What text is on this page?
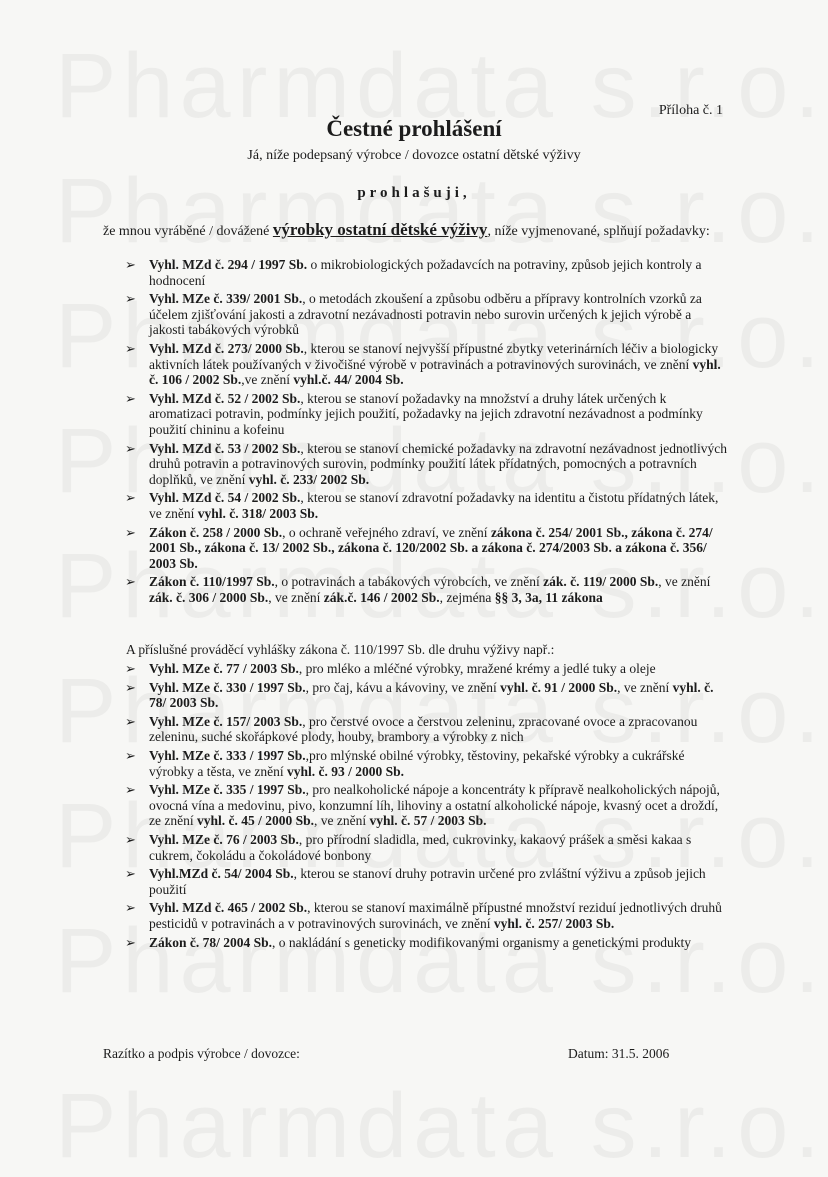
Příloha č. 1
Čestné prohlášení
Já, níže podepsaný výrobce / dovozce ostatní dětské výživy
prohlašuji,
že mnou vyráběné / dovážené výrobky ostatní dětské výživy, níže vyjmenované, splňují požadavky:
➢ Vyhl. MZd č. 294 / 1997 Sb. o mikrobiologických požadavcích na potraviny, způsob jejich kontroly a hodnocení
➢ Vyhl. MZe č. 339/ 2001 Sb., o metodách zkoušení a způsobu odběru a přípravy kontrolních vzorků za účelem zjišťování jakosti a zdravotní nezávadnosti potravin nebo surovin určených k jejich výrobě a jakosti tabákových výrobků
➢ Vyhl. MZd č. 273/ 2000 Sb., kterou se stanoví nejvyšší přípustné zbytky veterinárních léčiv a biologicky aktivních látek používaných v živočišné výrobě v potravinách a potravinových surovinách, ve znění vyhl. č. 106 / 2002 Sb.,ve znění vyhl.č. 44/ 2004 Sb.
➢ Vyhl. MZd č. 52 / 2002 Sb., kterou se stanoví požadavky na množství a druhy látek určených k aromatizaci potravin, podmínky jejich použití, požadavky na jejich zdravotní nezávadnost a podmínky použití chininu a kofeinu
➢ Vyhl. MZd č. 53 / 2002 Sb., kterou se stanoví chemické požadavky na zdravotní nezávadnost jednotlivých druhů potravin a potravinových surovin, podmínky použití látek přídatných, pomocných a potravních doplňků, ve znění vyhl. č. 233/ 2002 Sb.
➢ Vyhl. MZd č. 54 / 2002 Sb., kterou se stanoví zdravotní požadavky na identitu a čistotu přídatných látek, ve znění vyhl. č. 318/ 2003 Sb.
➢ Zákon č. 258 / 2000 Sb., o ochraně veřejného zdraví, ve znění zákona č. 254/ 2001 Sb., zákona č. 274/ 2001 Sb., zákona č. 13/ 2002 Sb., zákona č. 120/2002 Sb. a zákona č. 274/2003 Sb. a zákona č. 356/ 2003 Sb.
➢ Zákon č. 110/1997 Sb., o potravinách a tabákových výrobcích, ve znění zák. č. 119/ 2000 Sb., ve znění zák. č. 306 / 2000 Sb., ve znění zák.č. 146 / 2002 Sb., zejména §§ 3, 3a, 11 zákona
A příslušné prováděcí vyhlášky zákona č. 110/1997 Sb. dle druhu výživy např.:
➢ Vyhl. MZe č. 77 / 2003 Sb., pro mléko a mléčné výrobky, mražené krémy a jedlé tuky a oleje
➢ Vyhl. MZe č. 330 / 1997 Sb., pro čaj, kávu a kávoviny, ve znění vyhl. č. 91 / 2000 Sb., ve znění vyhl. č. 78/ 2003 Sb.
➢ Vyhl. MZe č. 157/ 2003 Sb., pro čerstvé ovoce a čerstvou zeleninu, zpracované ovoce a zpracovanou zeleninu, suché skořápkové plody, houby, brambory a výrobky z nich
➢ Vyhl. MZe č. 333 / 1997 Sb.,pro mlýnské obilné výrobky, těstoviny, pekařské výrobky a cukrářské výrobky a těsta, ve znění vyhl. č. 93 / 2000 Sb.
➢ Vyhl. MZe č. 335 / 1997 Sb., pro nealkoholické nápoje a koncentráty k přípravě nealkoholických nápojů, ovocná vína a medovinu, pivo, konzumní líh, lihoviny a ostatní alkoholické nápoje, kvasný ocet a droždí, ze znění vyhl. č. 45 / 2000 Sb., ve znění vyhl. č. 57 / 2003 Sb.
➢ Vyhl. MZe č. 76 / 2003 Sb., pro přírodní sladidla, med, cukrovinky, kakaový prášek a směsi kakaa s cukrem, čokoládu a čokoládové bonbony
➢ Vyhl.MZd č. 54/ 2004 Sb., kterou se stanoví druhy potravin určené pro zvláštní výživu a způsob jejich použití
➢ Vyhl. MZd č. 465 / 2002 Sb., kterou se stanoví maximálně přípustné množství reziduí jednotlivých druhů pesticidů v potravinách a v potravinových surovinách, ve znění vyhl. č. 257/ 2003 Sb.
➢ Zákon č. 78/ 2004 Sb., o nakládání s geneticky modifikovanými organismy a genetickými produkty
Razítko a podpis výrobce / dovozce:	Datum: 31.5. 2006
